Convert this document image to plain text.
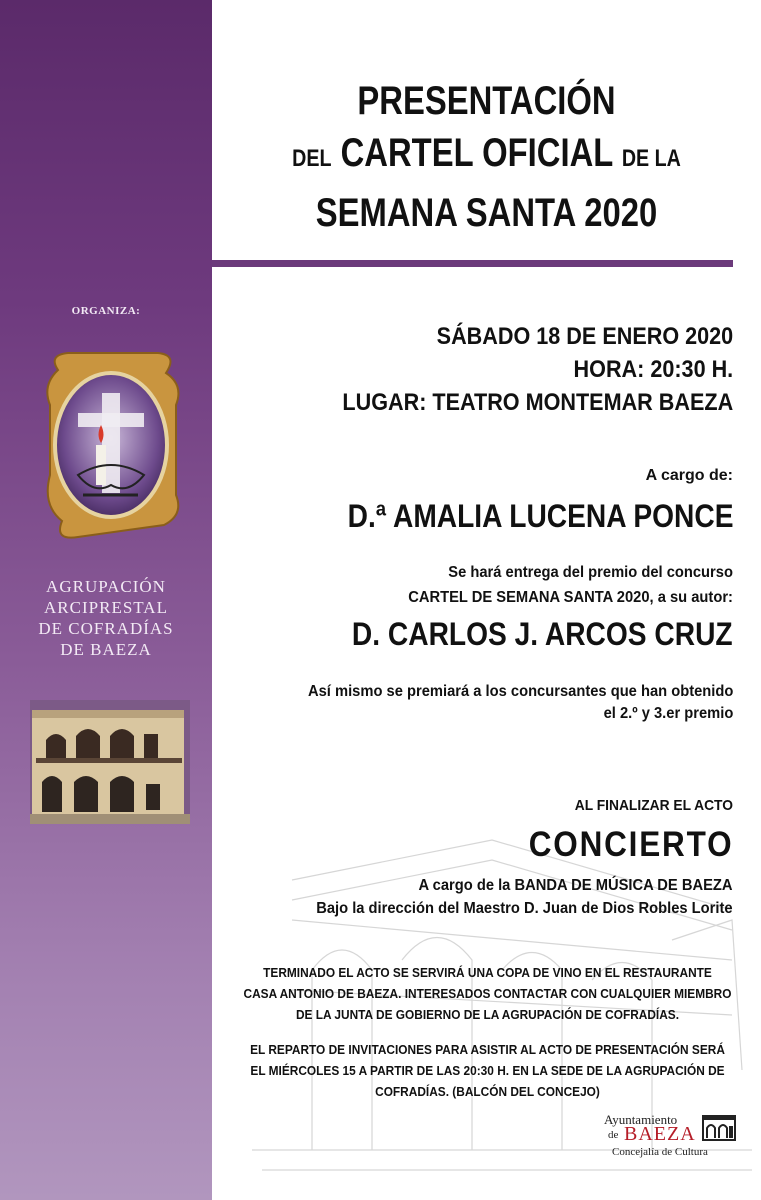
ORGANIZA:
AGRUPACIÓN
ARCIPRESTAL
DE COFRADÍAS
DE BAEZA
PRESENTACIÓN
DEL CARTEL OFICIAL DE LA
SEMANA SANTA 2020
SÁBADO 18 DE ENERO 2020
HORA: 20:30 H.
LUGAR: TEATRO MONTEMAR BAEZA
A cargo de:
D.ª AMALIA LUCENA PONCE
Se hará entrega del premio del concurso
CARTEL DE SEMANA SANTA 2020, a su autor:
D. CARLOS J. ARCOS CRUZ
Así mismo se premiará a los concursantes que han obtenido
el 2.º y 3.er premio
AL FINALIZAR EL ACTO
CONCIERTO
A cargo de la BANDA DE MÚSICA DE BAEZA
Bajo la dirección del Maestro D. Juan de Dios Robles Lorite
TERMINADO EL ACTO SE SERVIRÁ UNA COPA DE VINO EN EL RESTAURANTE
CASA ANTONIO DE BAEZA. INTERESADOS CONTACTAR CON CUALQUIER MIEMBRO
DE LA JUNTA DE GOBIERNO DE LA AGRUPACIÓN DE COFRADÍAS.
EL REPARTO DE INVITACIONES PARA ASISTIR AL ACTO DE PRESENTACIÓN SERÁ
EL MIÉRCOLES 15 A PARTIR DE LAS 20:30 H. EN LA SEDE DE LA AGRUPACIÓN DE
COFRADÍAS. (BALCÓN DEL CONCEJO)
Ayuntamiento
de BAEZA
Concejalía de Cultura
